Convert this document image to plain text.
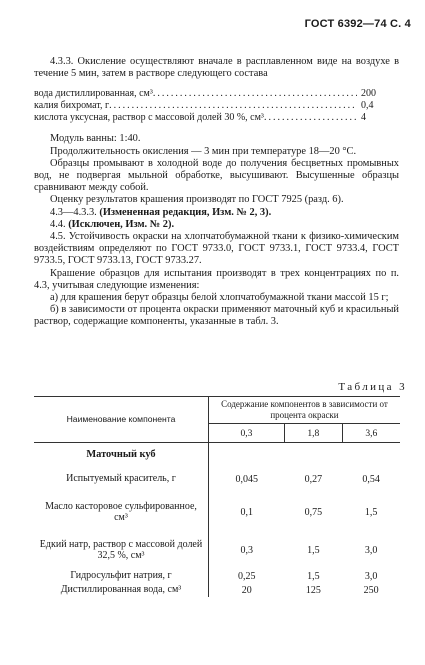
ГОСТ 6392—74 С. 4

4.3.3. Окисление осуществляют вначале в расплавленном виде на воздухе в течение 5 мин, затем в растворе следующего состава

вода дистиллированная, см³ .....	200
калия бихромат, г .....	0,4
кислота уксусная, раствор с массовой долей 30 %, см³ .....	4

Модуль ванны: 1:40.

Продолжительность окисления — 3 мин при температуре 18—20 °С.

Образцы промывают в холодной воде до получения бесцветных промывных вод, не подвергая мыльной обработке, высушивают. Высушенные образцы сравнивают между собой.

Оценку результатов крашения производят по ГОСТ 7925 (разд. 6).

4.3—4.3.3. (Измененная редакция, Изм. № 2, 3).

4.4. (Исключен, Изм. № 2).

4.5. Устойчивость окраски на хлопчатобумажной ткани к физико-химическим воздействиям определяют по ГОСТ 9733.0, ГОСТ 9733.1, ГОСТ 9733.4, ГОСТ 9733.5, ГОСТ 9733.13, ГОСТ 9733.27.

Крашение образцов для испытания производят в трех концентрациях по п. 4.3, учитывая следующие изменения:

а) для крашения берут образцы белой хлопчатобумажной ткани массой 15 г;

б) в зависимости от процента окраски применяют маточный куб и красильный раствор, содержащие компоненты, указанные в табл. 3.

Таблица 3
Наименование компонента	Содержание компонентов в зависимости от процента окраски		
	0,3	1,8	3,6
Маточный куб			
Испытуемый краситель, г	0,045	0,27	0,54
Масло касторовое сульфированное, см³	0,1	0,75	1,5
Едкий натр, раствор с массовой долей 32,5 %, см³	0,3	1,5	3,0
Гидросульфит натрия, г	0,25	1,5	3,0
Дистиллированная вода, см³	20	125	250
